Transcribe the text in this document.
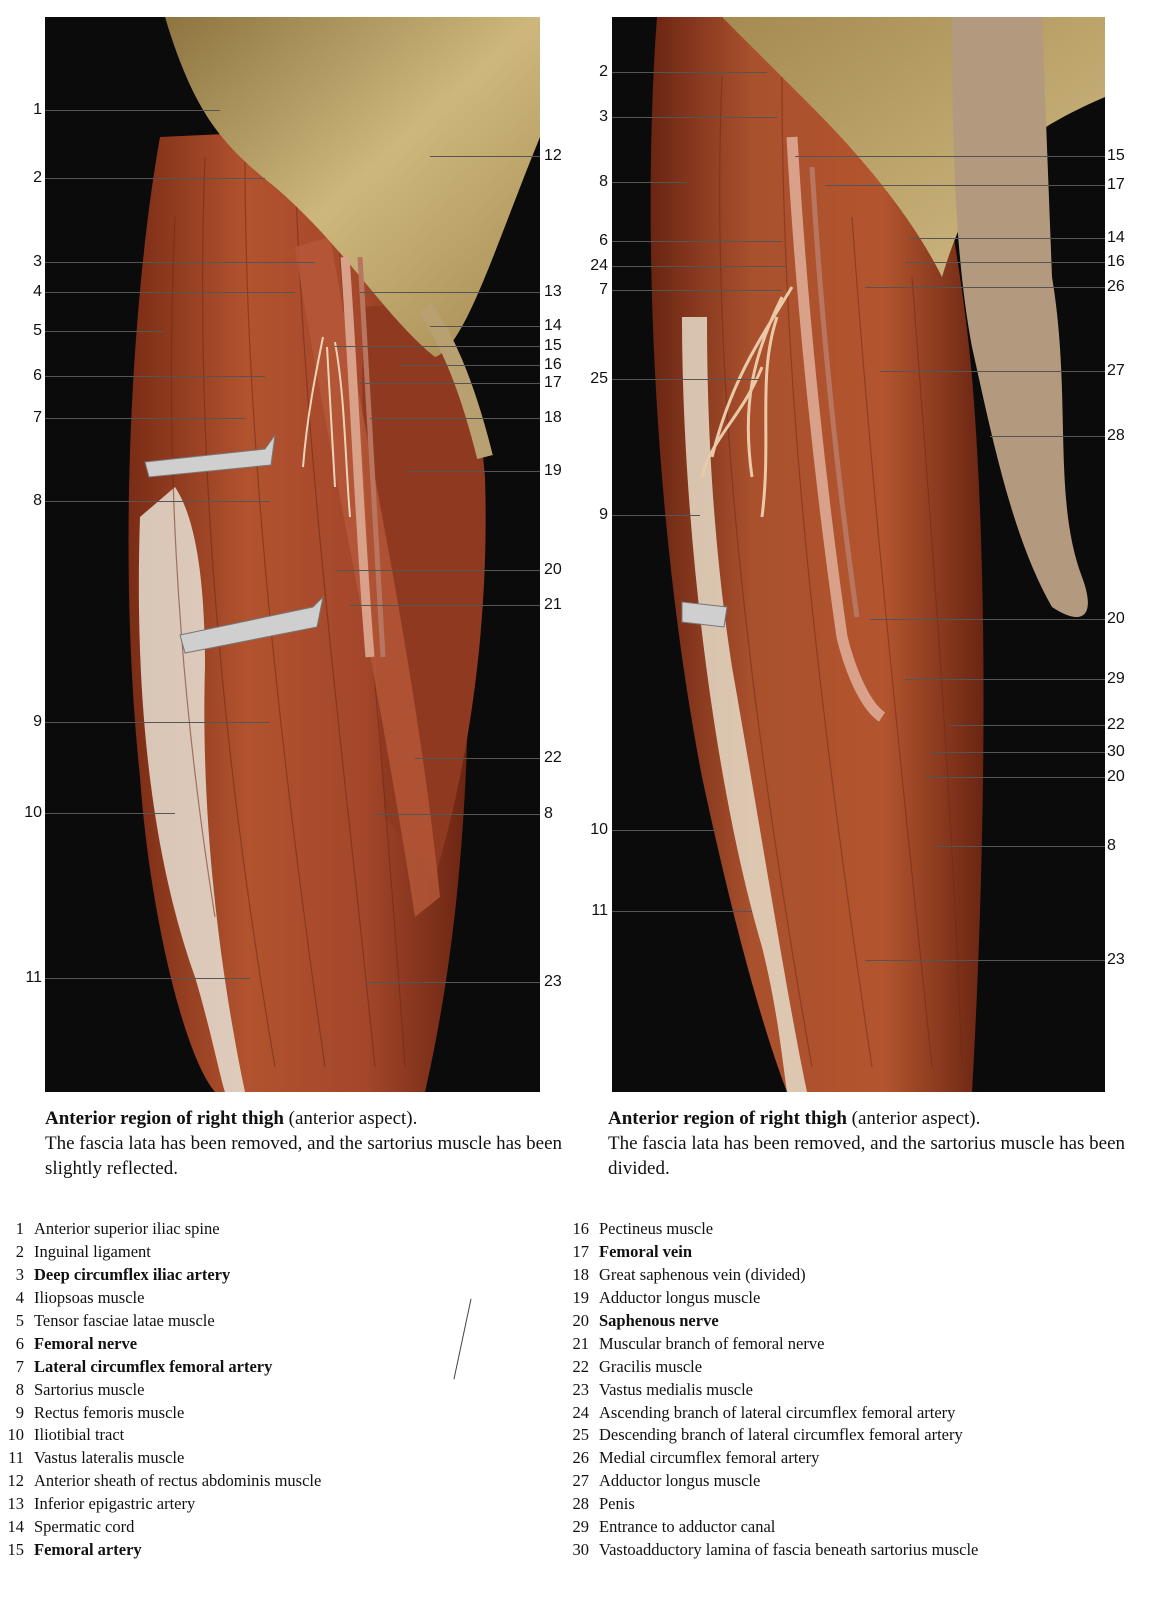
1
2
3
4
5
6
7
8
9
10
11
12
13
14
15
16
17
18
19
20
21
22
8
23
2
3
8
6
24
7
25
9
10
11
15
17
14
16
26
27
28
20
29
22
30
20
8
23
Anterior region of right thigh (anterior aspect).
The fascia lata has been removed, and the sartorius muscle has been slightly reflected.
Anterior region of right thigh (anterior aspect).
The fascia lata has been removed, and the sartorius muscle has been divided.
1 Anterior superior iliac spine
2 Inguinal ligament
3 Deep circumflex iliac artery
4 Iliopsoas muscle
5 Tensor fasciae latae muscle
6 Femoral nerve
7 Lateral circumflex femoral artery
8 Sartorius muscle
9 Rectus femoris muscle
10 Iliotibial tract
11 Vastus lateralis muscle
12 Anterior sheath of rectus abdominis muscle
13 Inferior epigastric artery
14 Spermatic cord
15 Femoral artery
16 Pectineus muscle
17 Femoral vein
18 Great saphenous vein (divided)
19 Adductor longus muscle
20 Saphenous nerve
21 Muscular branch of femoral nerve
22 Gracilis muscle
23 Vastus medialis muscle
24 Ascending branch of lateral circumflex femoral artery
25 Descending branch of lateral circumflex femoral artery
26 Medial circumflex femoral artery
27 Adductor longus muscle
28 Penis
29 Entrance to adductor canal
30 Vastoadductory lamina of fascia beneath sartorius muscle
